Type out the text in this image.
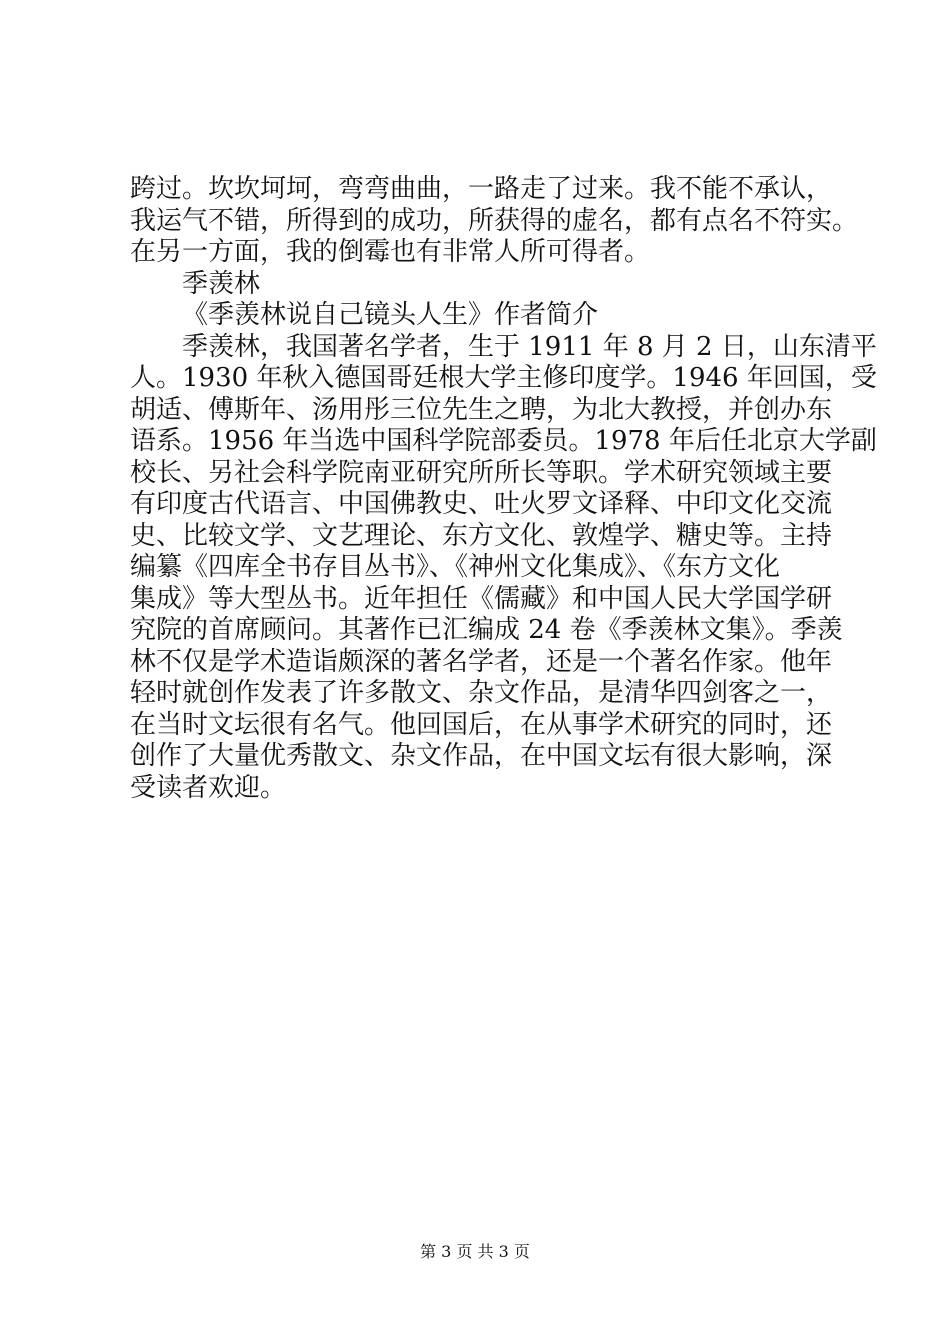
跨过。坎坎坷坷，弯弯曲曲，一路走了过来。我不能不承认，
我运气不错，所得到的成功，所获得的虚名，都有点名不符实。
在另一方面，我的倒霉也有非常人所可得者。
季羡林
《季羡林说自己镜头人生》作者简介
季羡林，我国著名学者，生于 1911 年 8 月 2 日，山东清平
人。1930 年秋入德国哥廷根大学主修印度学。1946 年回国，受
胡适、傅斯年、汤用彤三位先生之聘，为北大教授，并创办东
语系。1956 年当选中国科学院部委员。1978 年后任北京大学副
校长、另社会科学院南亚研究所所长等职。学术研究领域主要
有印度古代语言、中国佛教史、吐火罗文译释、中印文化交流
史、比较文学、文艺理论、东方文化、敦煌学、糖史等。主持
编纂《四库全书存目丛书》、《神州文化集成》、《东方文化
集成》等大型丛书。近年担任《儒藏》和中国人民大学国学研
究院的首席顾问。其著作已汇编成 24 卷《季羡林文集》。季羡
林不仅是学术造诣颇深的著名学者，还是一个著名作家。他年
轻时就创作发表了许多散文、杂文作品，是清华四剑客之一，
在当时文坛很有名气。他回国后，在从事学术研究的同时，还
创作了大量优秀散文、杂文作品，在中国文坛有很大影响，深
受读者欢迎。
第 3 页 共 3 页
